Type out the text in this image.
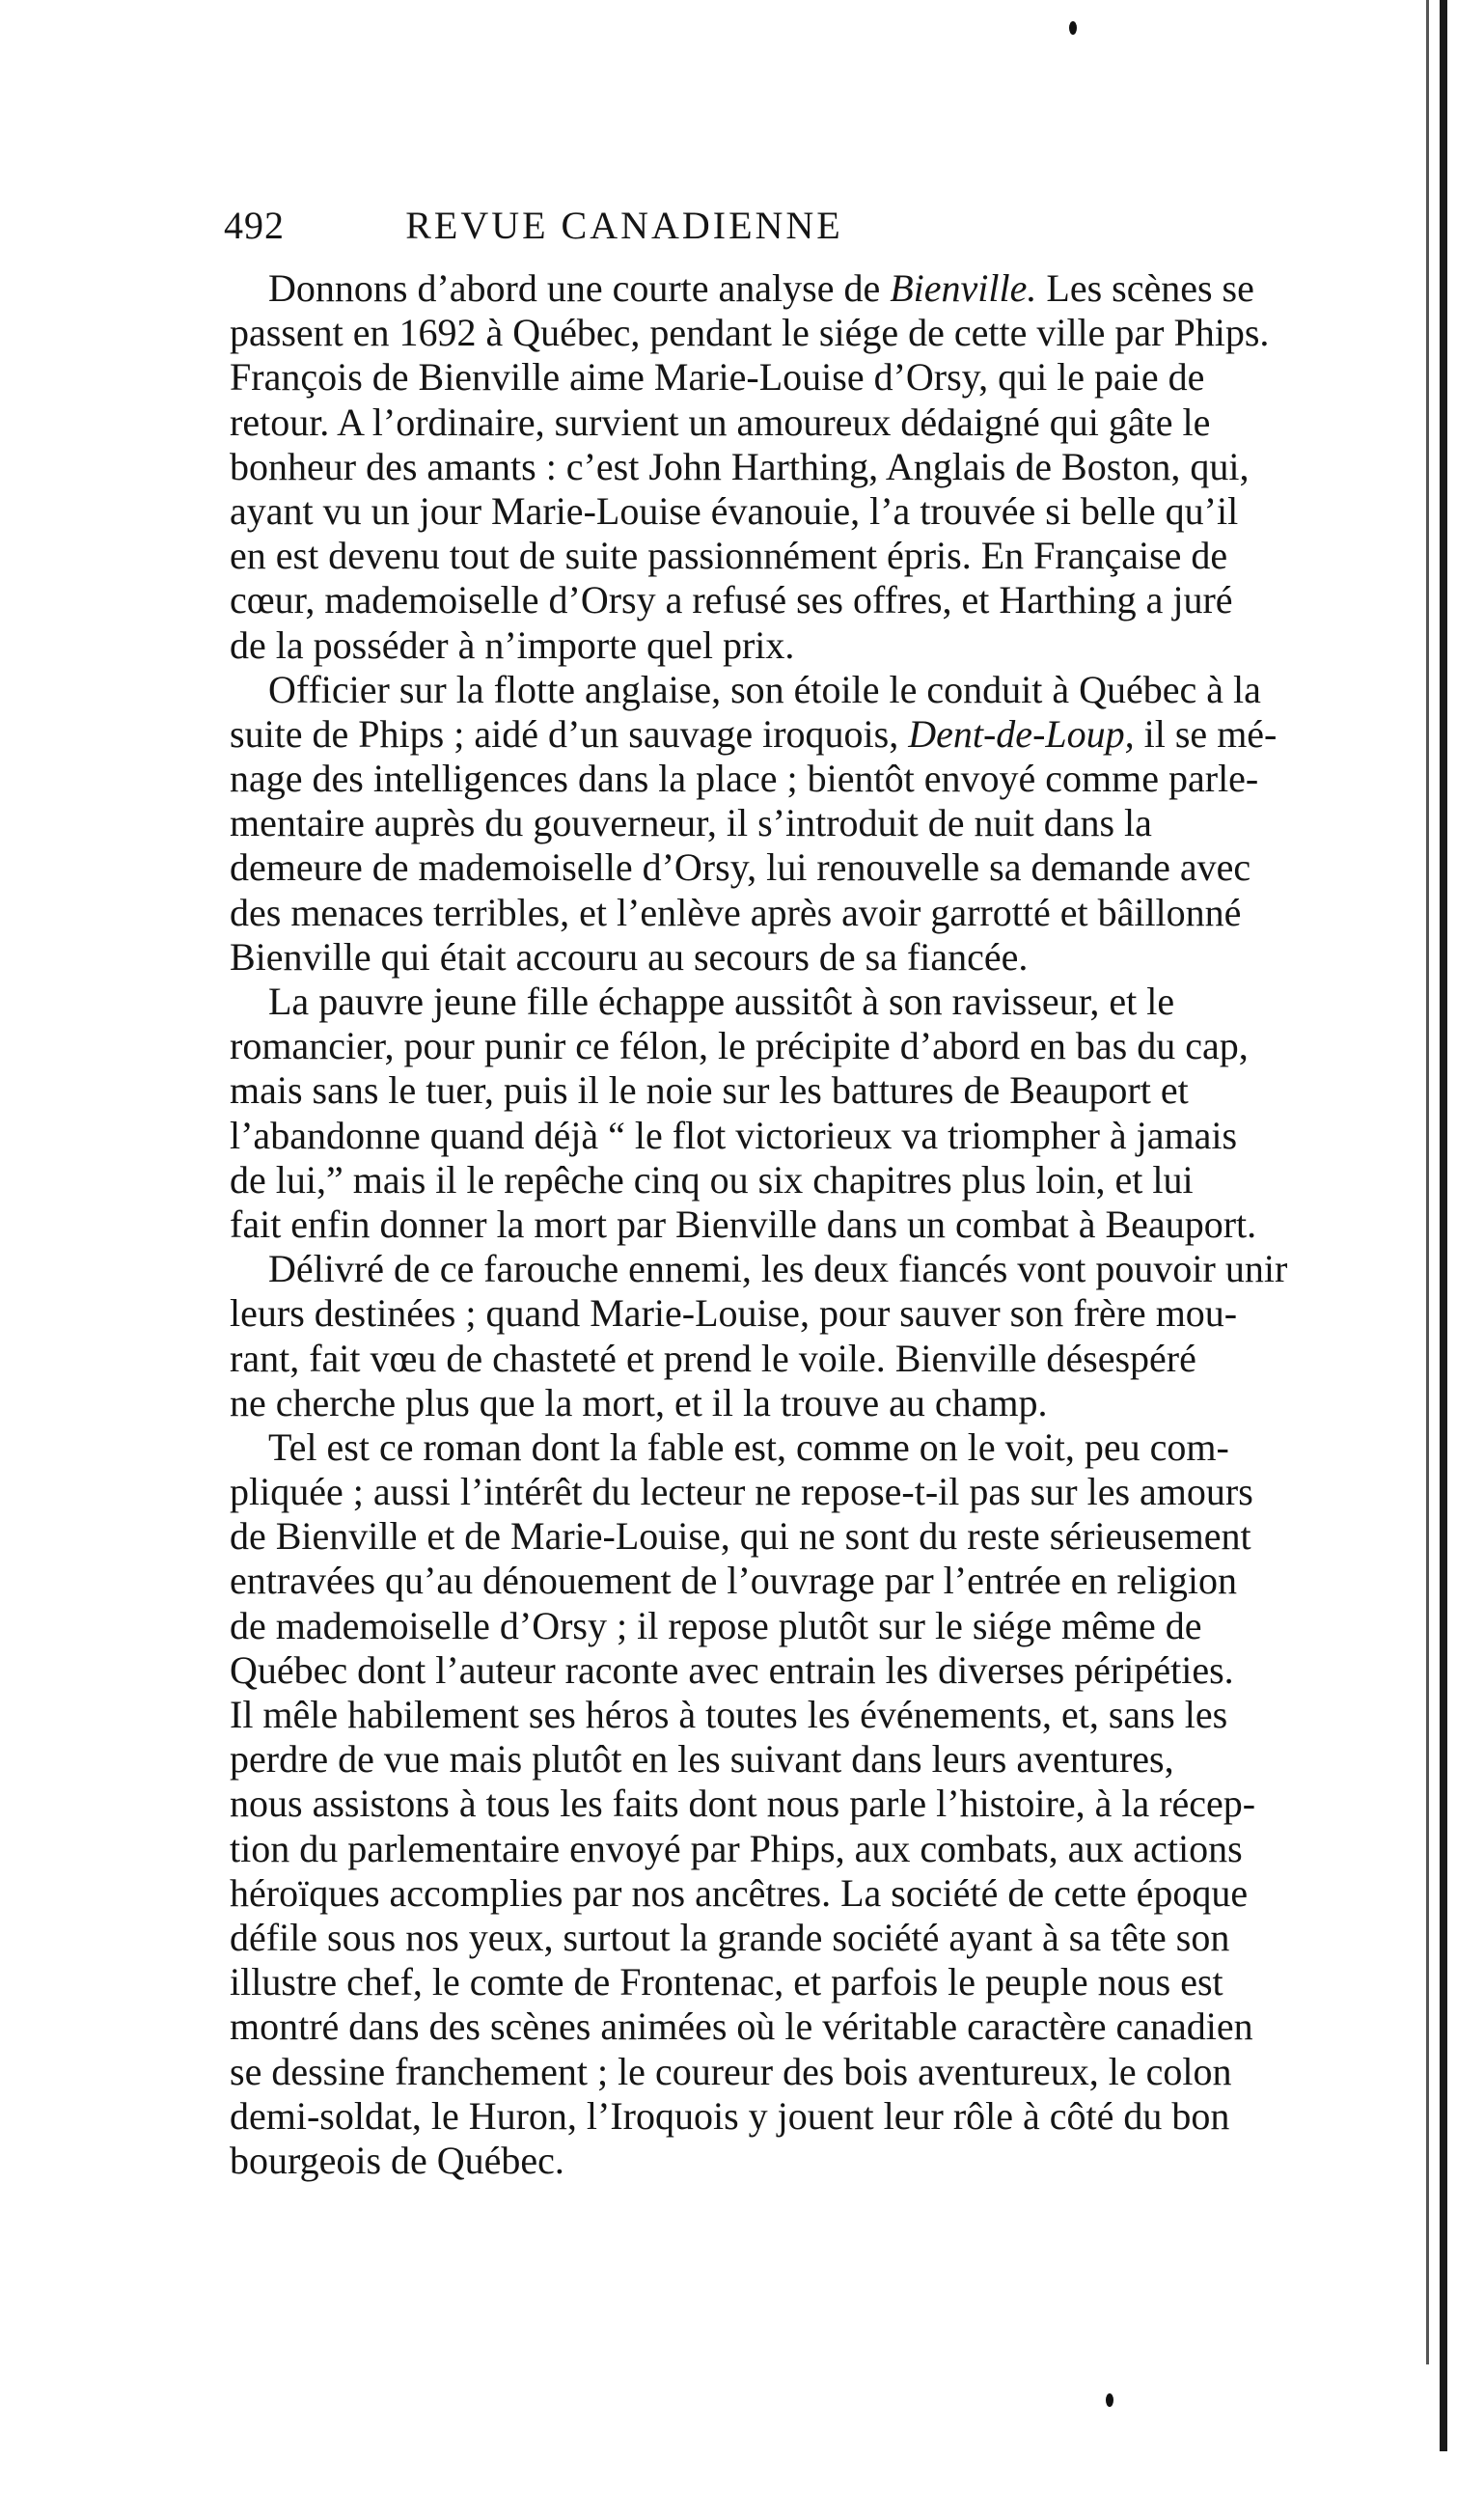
492	REVUE CANADIENNE
Donnons d’abord une courte analyse de Bienville. Les scènes se
passent en 1692 à Québec, pendant le siége de cette ville par Phips.
François de Bienville aime Marie-Louise d’Orsy, qui le paie de
retour. A l’ordinaire, survient un amoureux dédaigné qui gâte le
bonheur des amants : c’est John Harthing, Anglais de Boston, qui,
ayant vu un jour Marie-Louise évanouie, l’a trouvée si belle qu’il
en est devenu tout de suite passionnément épris. En Française de
cœur, mademoiselle d’Orsy a refusé ses offres, et Harthing a juré
de la posséder à n’importe quel prix.
Officier sur la flotte anglaise, son étoile le conduit à Québec à la
suite de Phips ; aidé d’un sauvage iroquois, Dent-de-Loup, il se mé-
nage des intelligences dans la place ; bientôt envoyé comme parle-
mentaire auprès du gouverneur, il s’introduit de nuit dans la
demeure de mademoiselle d’Orsy, lui renouvelle sa demande avec
des menaces terribles, et l’enlève après avoir garrotté et bâillonné
Bienville qui était accouru au secours de sa fiancée.
La pauvre jeune fille échappe aussitôt à son ravisseur, et le
romancier, pour punir ce félon, le précipite d’abord en bas du cap,
mais sans le tuer, puis il le noie sur les battures de Beauport et
l’abandonne quand déjà “ le flot victorieux va triompher à jamais
de lui,” mais il le repêche cinq ou six chapitres plus loin, et lui
fait enfin donner la mort par Bienville dans un combat à Beauport.
Délivré de ce farouche ennemi, les deux fiancés vont pouvoir unir
leurs destinées ; quand Marie-Louise, pour sauver son frère mou-
rant, fait vœu de chasteté et prend le voile. Bienville désespéré
ne cherche plus que la mort, et il la trouve au champ.
Tel est ce roman dont la fable est, comme on le voit, peu com-
pliquée ; aussi l’intérêt du lecteur ne repose-t-il pas sur les amours
de Bienville et de Marie-Louise, qui ne sont du reste sérieusement
entravées qu’au dénouement de l’ouvrage par l’entrée en religion
de mademoiselle d’Orsy ; il repose plutôt sur le siége même de
Québec dont l’auteur raconte avec entrain les diverses péripéties.
Il mêle habilement ses héros à toutes les événements, et, sans les
perdre de vue mais plutôt en les suivant dans leurs aventures,
nous assistons à tous les faits dont nous parle l’histoire, à la récep-
tion du parlementaire envoyé par Phips, aux combats, aux actions
héroïques accomplies par nos ancêtres. La société de cette époque
défile sous nos yeux, surtout la grande société ayant à sa tête son
illustre chef, le comte de Frontenac, et parfois le peuple nous est
montré dans des scènes animées où le véritable caractère canadien
se dessine franchement ; le coureur des bois aventureux, le colon
demi-soldat, le Huron, l’Iroquois y jouent leur rôle à côté du bon
bourgeois de Québec.
